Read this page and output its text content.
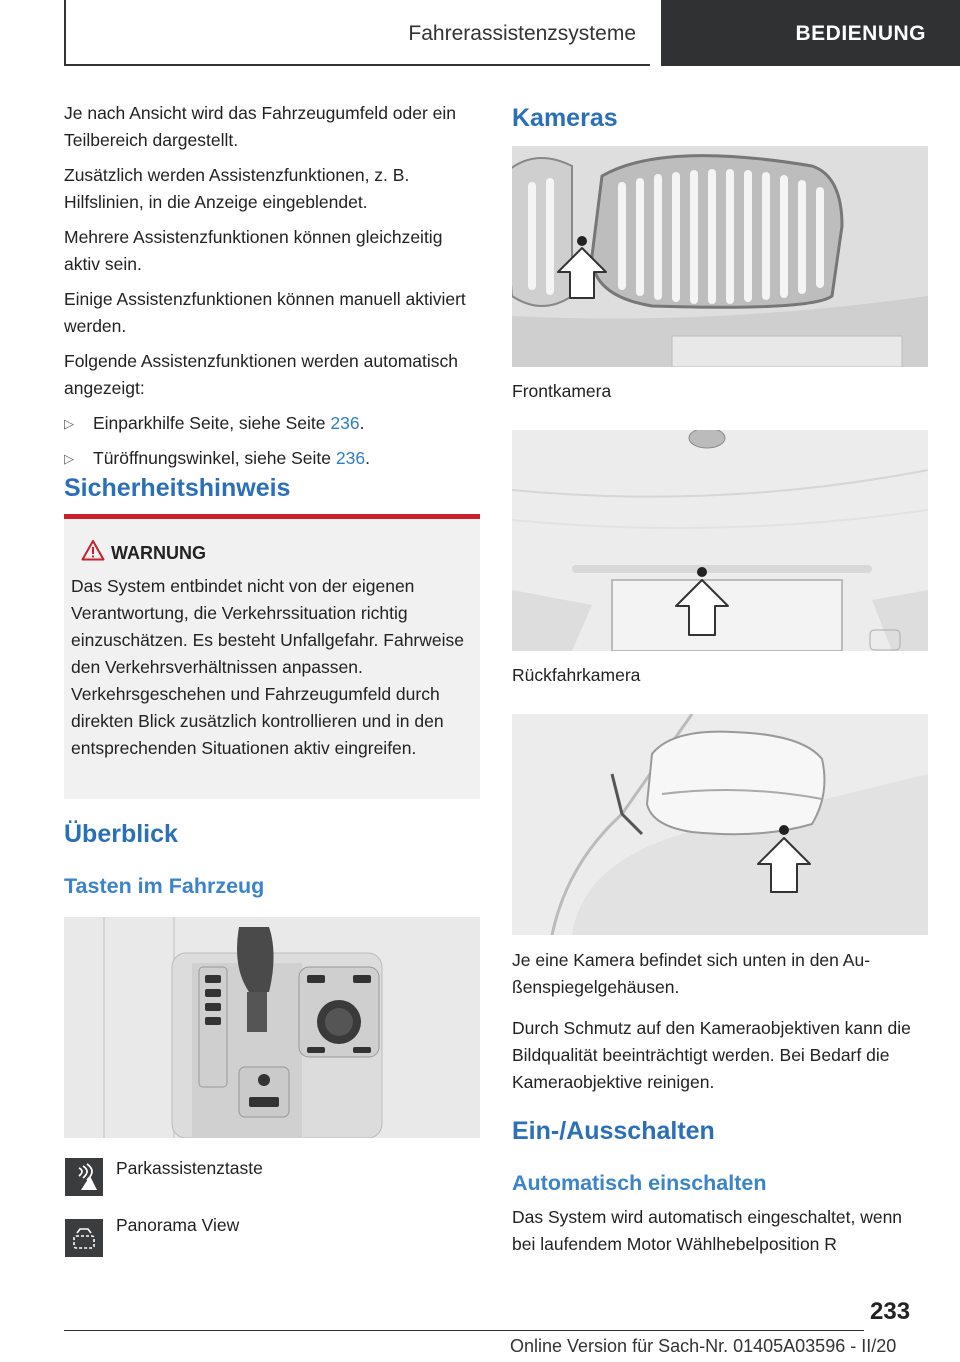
Fahrerassistenzsysteme	BEDIENUNG

Je nach Ansicht wird das Fahrzeugumfeld oder ein Teilbereich dargestellt.

Zusätzlich werden Assistenzfunktionen, z. B. Hilfslinien, in die Anzeige eingeblendet.

Mehrere Assistenzfunktionen können gleichzeitig aktiv sein.

Einige Assistenzfunktionen können manuell aktiviert werden.

Folgende Assistenzfunktionen werden automatisch angezeigt:

▷	Einparkhilfe Seite, siehe Seite 236.
▷	Türöffnungswinkel, siehe Seite 236.
Sicherheitshinweis
WARNUNG
Das System entbindet nicht von der eigenen Verantwortung, die Verkehrssituation richtig einzuschätzen. Es besteht Unfallgefahr. Fahrweise den Verkehrsverhältnissen anpassen. Verkehrsgeschehen und Fahrzeugumfeld durch direkten Blick zusätzlich kontrollieren und in den entsprechenden Situationen aktiv eingreifen.
Überblick
Tasten im Fahrzeug
Parkassistenztaste
Panorama View
Kameras
Frontkamera
Rückfahrkamera

Je eine Kamera befindet sich unten in den Außenspiegelgehäusen.

Durch Schmutz auf den Kameraobjektiven kann die Bildqualität beeinträchtigt werden. Bei Bedarf die Kameraobjektive reinigen.

Ein-/Ausschalten
Automatisch einschalten

Das System wird automatisch eingeschaltet, wenn bei laufendem Motor Wählhebelposition R

233
Online Version für Sach-Nr. 01405A03596 - II/20
